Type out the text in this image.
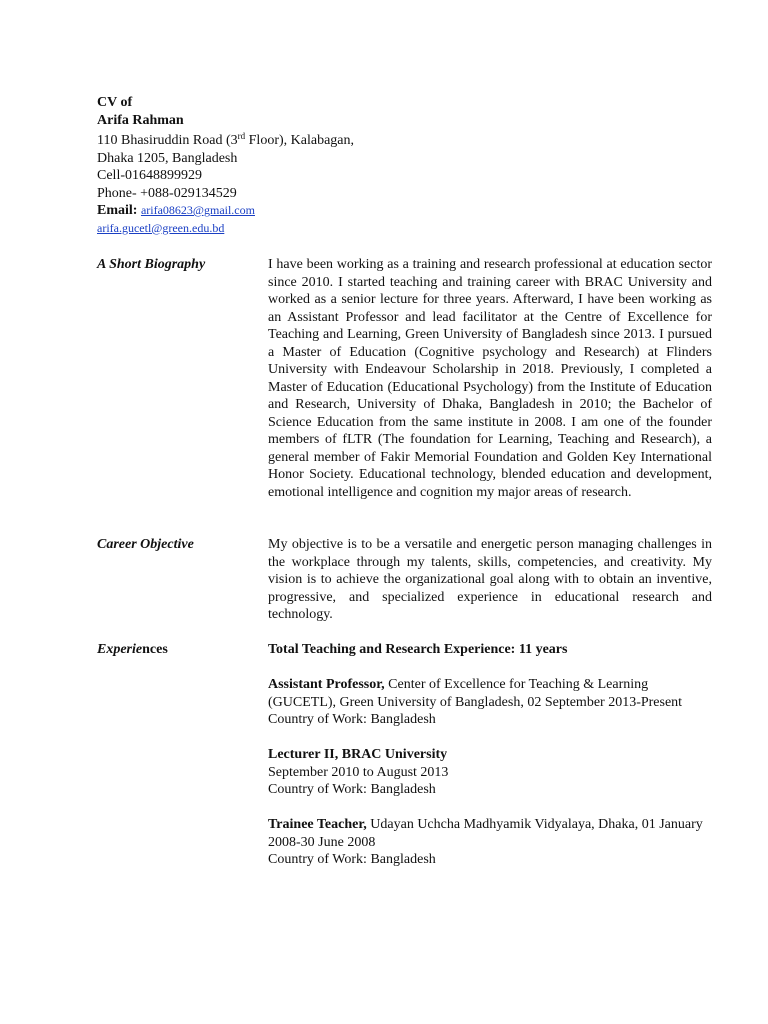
CV of
Arifa Rahman
110 Bhasiruddin Road (3rd Floor), Kalabagan,
Dhaka 1205, Bangladesh
Cell-01648899929
Phone- +088-029134529
Email: arifa08623@gmail.com
arifa.gucetl@green.edu.bd
A Short Biography	I have been working as a training and research professional at education sector since 2010. I started teaching and training career with BRAC University and worked as a senior lecture for three years. Afterward, I have been working as an Assistant Professor and lead facilitator at the Centre of Excellence for Teaching and Learning, Green University of Bangladesh since 2013. I pursued a Master of Education (Cognitive psychology and Research) at Flinders University with Endeavour Scholarship in 2018. Previously, I completed a Master of Education (Educational Psychology) from the Institute of Education and Research, University of Dhaka, Bangladesh in 2010; the Bachelor of Science Education from the same institute in 2008. I am one of the founder members of fLTR (The foundation for Learning, Teaching and Research), a general member of Fakir Memorial Foundation and Golden Key International Honor Society. Educational technology, blended education and development, emotional intelligence and cognition my major areas of research.
Career Objective	My objective is to be a versatile and energetic person managing challenges in the workplace through my talents, skills, competencies, and creativity. My vision is to achieve the organizational goal along with to obtain an inventive, progressive, and specialized experience in educational research and technology.
Experiences	Total Teaching and Research Experience: 11 years
Assistant Professor, Center of Excellence for Teaching & Learning (GUCETL), Green University of Bangladesh, 02 September 2013-Present
Country of Work: Bangladesh
Lecturer II, BRAC University
September 2010 to August 2013
Country of Work: Bangladesh
Trainee Teacher, Udayan Uchcha Madhyamik Vidyalaya, Dhaka, 01 January 2008-30 June 2008
Country of Work: Bangladesh
